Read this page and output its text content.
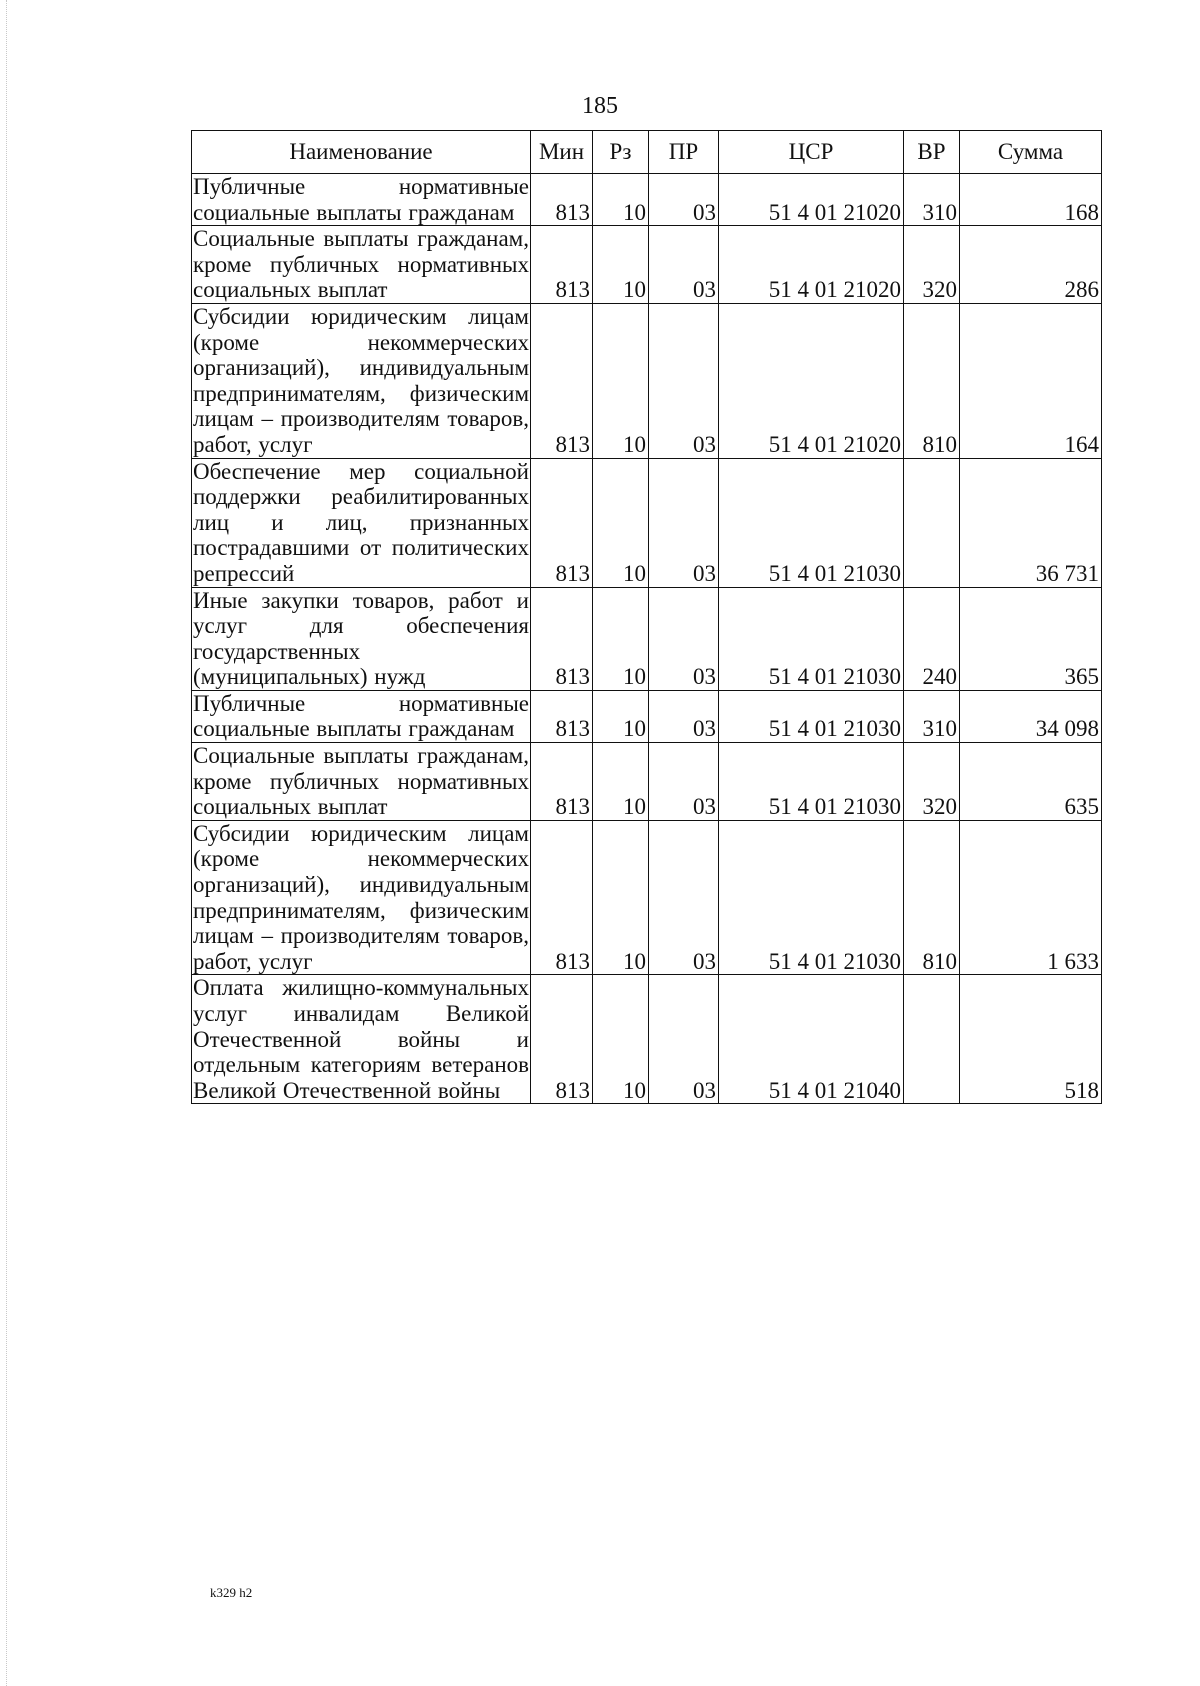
185
Наименование	Мин	Рз	ПР	ЦСР	ВР	Сумма
Публичные нормативные социальные выплаты гражданам	813	10	03	51 4 01 21020	310	168
Социальные выплаты гражданам, кроме публичных нормативных социальных выплат	813	10	03	51 4 01 21020	320	286
Субсидии юридическим лицам (кроме некоммерческих организаций), индивидуальным предпринимателям, физическим лицам – производителям товаров, работ, услуг	813	10	03	51 4 01 21020	810	164
Обеспечение мер социальной поддержки реабилитированных лиц и лиц, признанных пострадавшими от политических репрессий	813	10	03	51 4 01 21030		36 731
Иные закупки товаров, работ и услуг для обеспечения государственных (муниципальных) нужд	813	10	03	51 4 01 21030	240	365
Публичные нормативные социальные выплаты гражданам	813	10	03	51 4 01 21030	310	34 098
Социальные выплаты гражданам, кроме публичных нормативных социальных выплат	813	10	03	51 4 01 21030	320	635
Субсидии юридическим лицам (кроме некоммерческих организаций), индивидуальным предпринимателям, физическим лицам – производителям товаров, работ, услуг	813	10	03	51 4 01 21030	810	1 633
Оплата жилищно-коммунальных услуг инвалидам Великой Отечественной войны и отдельным категориям ветеранов Великой Отечественной войны	813	10	03	51 4 01 21040		518
k329 h2
